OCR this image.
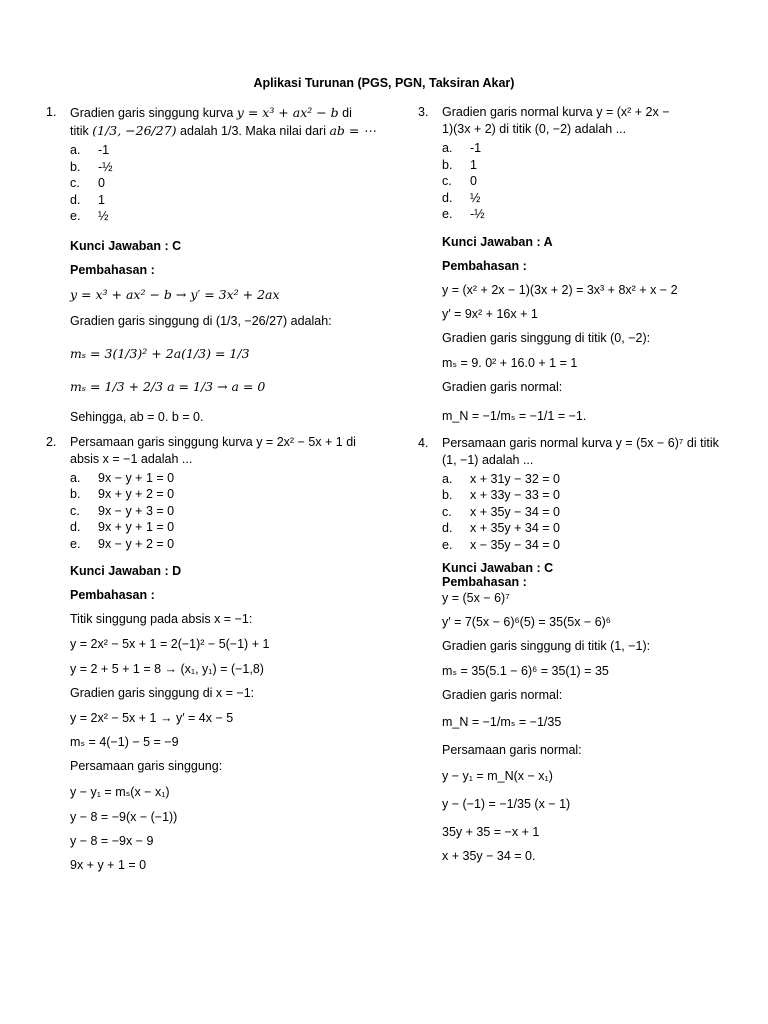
Aplikasi Turunan (PGS, PGN, Taksiran Akar)
1. Gradien garis singgung kurva y = x³ + ax² − b di
titik (1/3, −26/27) adalah 1/3. Maka nilai dari ab = ⋯
a.	-1
b.	-½
c.	0
d.	1
e.	½
Kunci Jawaban : C
Pembahasan :
y = x³ + ax² − b → y′ = 3x² + 2ax
Gradien garis singgung di (1/3, −26/27) adalah:
mₛ = 3(1/3)² + 2a(1/3) = 1/3
mₛ = 1/3 + 2/3 a = 1/3 → a = 0
Sehingga, ab = 0. b = 0.
2. Persamaan garis singgung kurva y = 2x² − 5x + 1 di absis x = −1 adalah ...
a.	9x − y + 1 = 0
b.	9x + y + 2 = 0
c.	9x − y + 3 = 0
d.	9x + y + 1 = 0
e.	9x − y + 2 = 0
Kunci Jawaban : D
Pembahasan :
Titik singgung pada absis x = −1:
y = 2x² − 5x + 1 = 2(−1)² − 5(−1) + 1
y = 2 + 5 + 1 = 8 → (x₁, y₁) = (−1,8)
Gradien garis singgung di x = −1:
y = 2x² − 5x + 1 → y′ = 4x − 5
mₛ = 4(−1) − 5 = −9
Persamaan garis singgung:
y − y₁ = mₛ(x − x₁)
y − 8 = −9(x − (−1))
y − 8 = −9x − 9
9x + y + 1 = 0
3. Gradien garis normal kurva y = (x² + 2x −
1)(3x + 2) di titik (0, −2) adalah ...
a.	-1
b.	1
c.	0
d.	½
e.	-½
Kunci Jawaban : A
Pembahasan :
y = (x² + 2x − 1)(3x + 2) = 3x³ + 8x² + x − 2
y′ = 9x² + 16x + 1
Gradien garis singgung di titik (0, −2):
mₛ = 9. 0² + 16.0 + 1 = 1
Gradien garis normal:
m_N = −1/mₛ = −1/1 = −1.
4. Persamaan garis normal kurva y = (5x − 6)⁷ di titik
(1, −1) adalah ...
a.	x + 31y − 32 = 0
b.	x + 33y − 33 = 0
c.	x + 35y − 34 = 0
d.	x + 35y + 34 = 0
e.	x − 35y − 34 = 0
Kunci Jawaban : C
Pembahasan :
y = (5x − 6)⁷
y′ = 7(5x − 6)⁶(5) = 35(5x − 6)⁶
Gradien garis singgung di titik (1, −1):
mₛ = 35(5.1 − 6)⁶ = 35(1) = 35
Gradien garis normal:
m_N = −1/mₛ = −1/35
Persamaan garis normal:
y − y₁ = m_N(x − x₁)
y − (−1) = −1/35 (x − 1)
35y + 35 = −x + 1
x + 35y − 34 = 0.
